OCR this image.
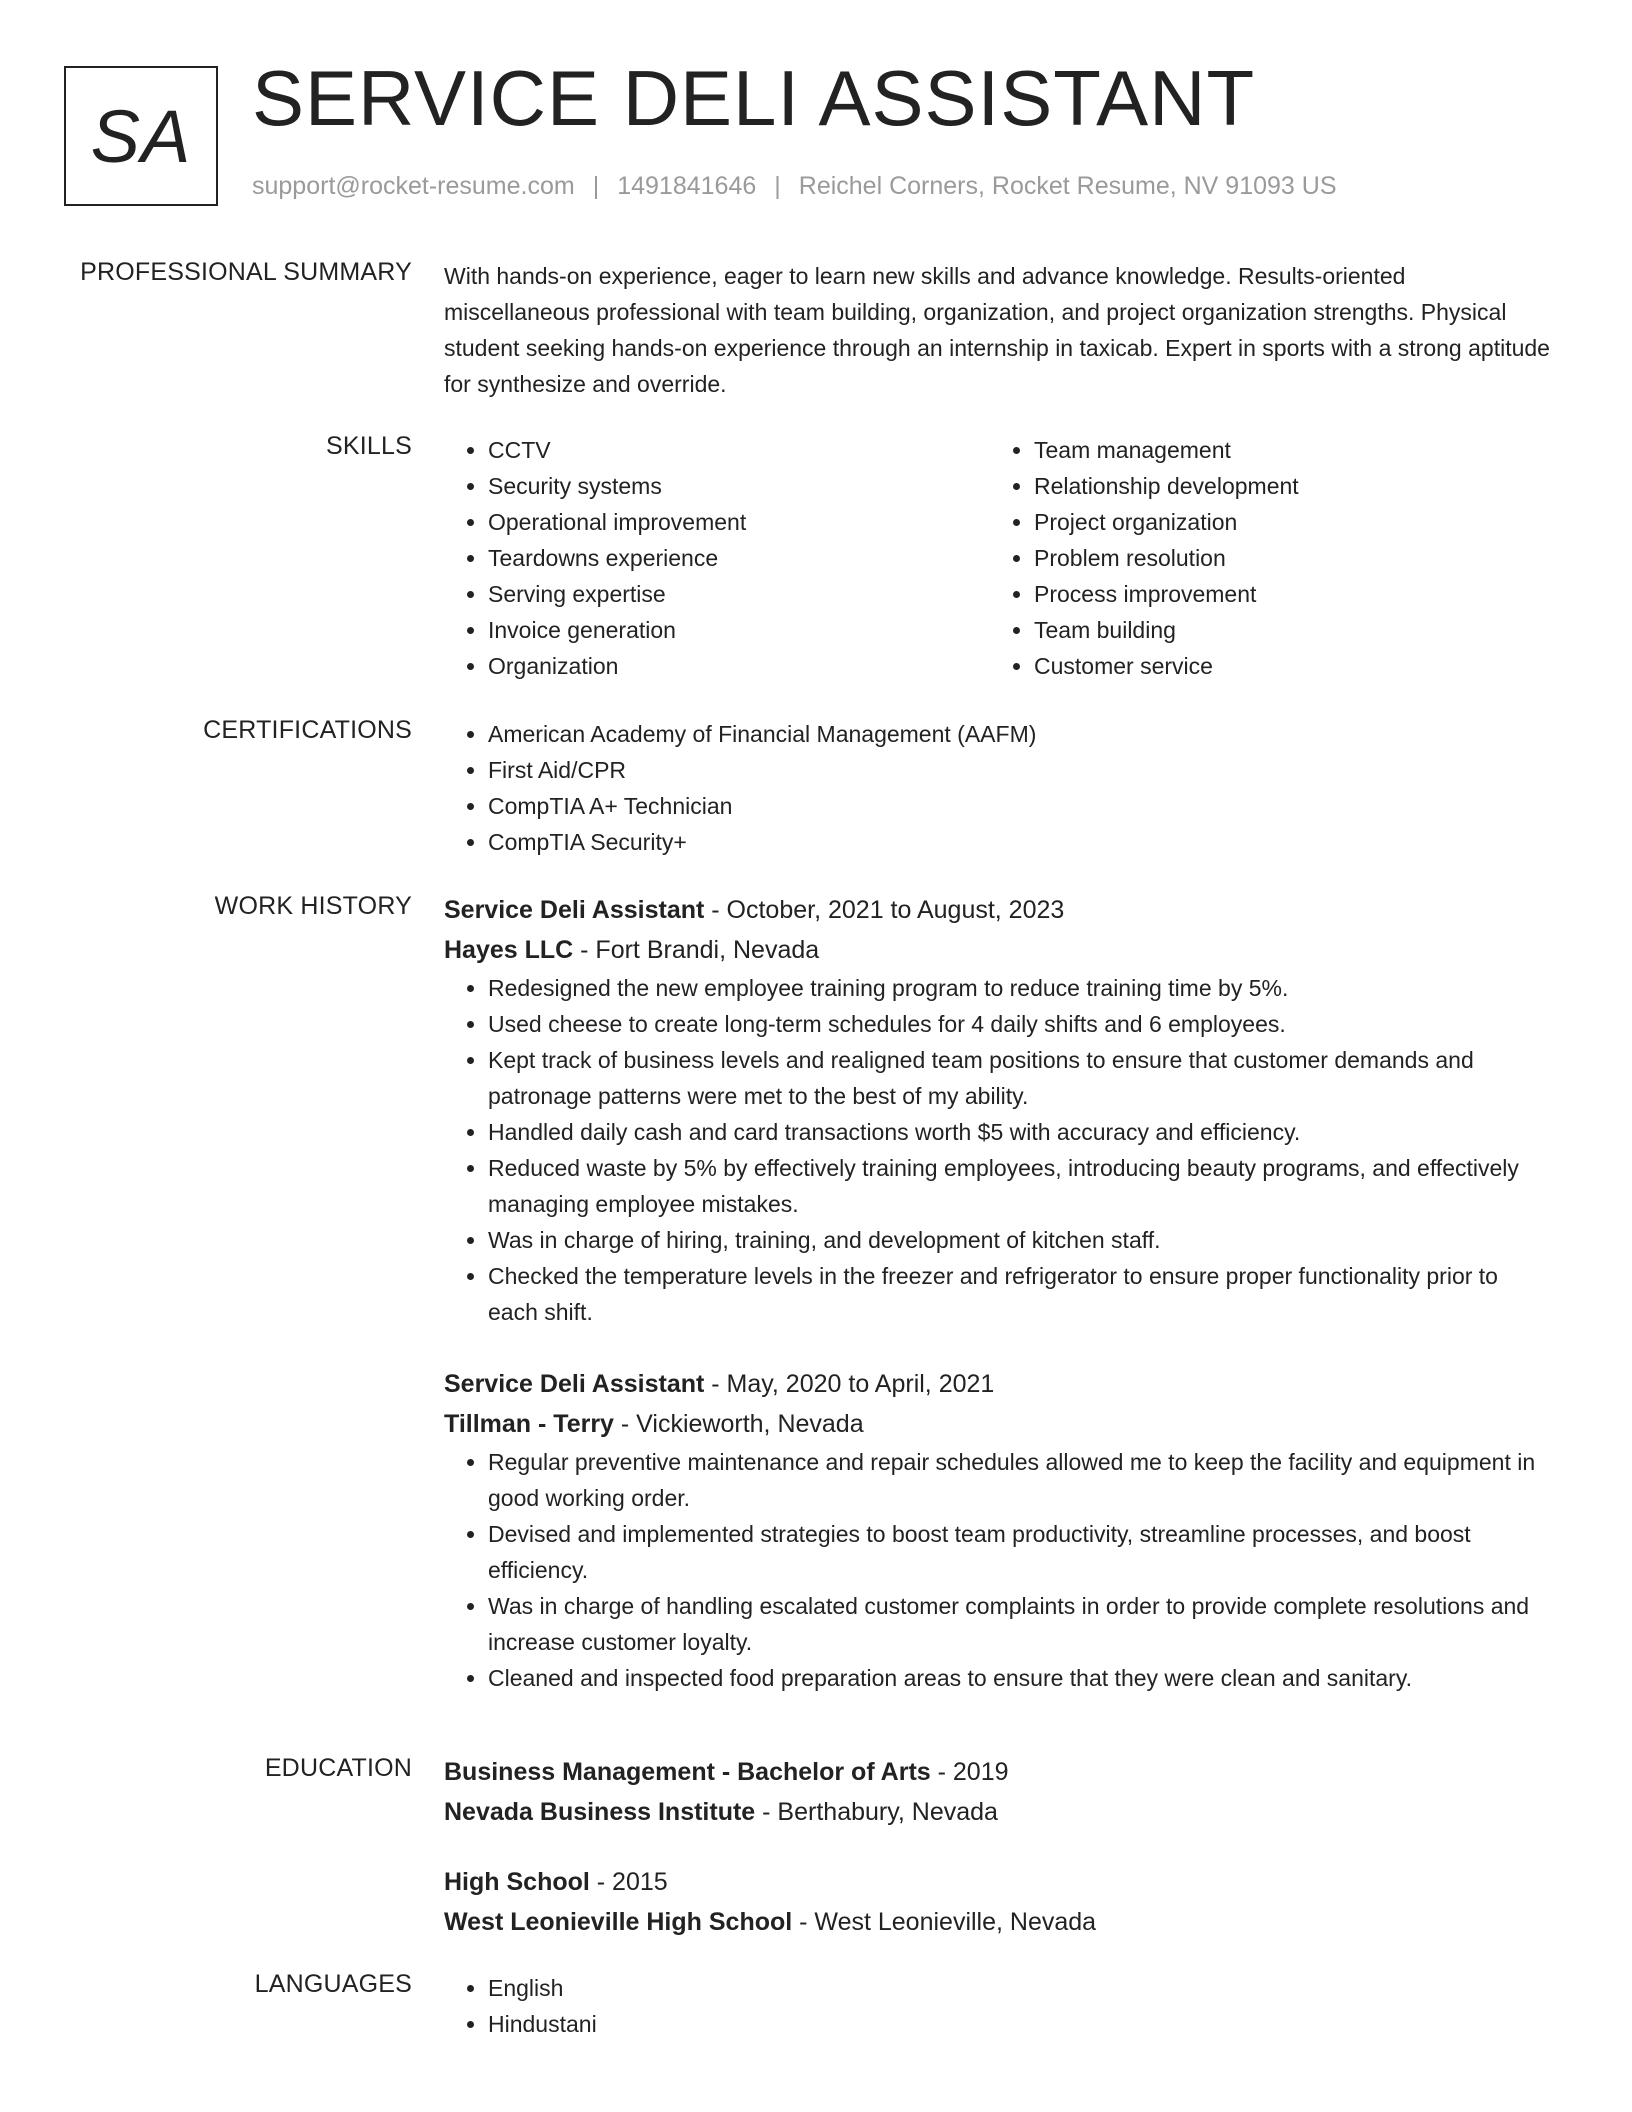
SA SERVICE DELI ASSISTANT
support@rocket-resume.com | 1491841646 | Reichel Corners, Rocket Resume, NV 91093 US
PROFESSIONAL SUMMARY With hands-on experience, eager to learn new skills and advance knowledge. Results-oriented miscellaneous professional with team building, organization, and project organization strengths. Physical student seeking hands-on experience through an internship in taxicab. Expert in sports with a strong aptitude for synthesize and override.

SKILLS	• CCTV
• Security systems
• Operational improvement
• Teardowns experience
• Serving expertise
• Invoice generation
• Organization
• Team management
• Relationship development
• Project organization
• Problem resolution
• Process improvement
• Team building
• Customer service
CERTIFICATIONS	• American Academy of Financial Management (AAFM)
• First Aid/CPR
• CompTIA A+ Technician
• CompTIA Security+
WORK HISTORY Service Deli Assistant - October, 2021 to August, 2023
Hayes LLC - Fort Brandi, Nevada
• Redesigned the new employee training program to reduce training time by 5%.
• Used cheese to create long-term schedules for 4 daily shifts and 6 employees.
• Kept track of business levels and realigned team positions to ensure that customer demands and patronage patterns were met to the best of my ability.
• Handled daily cash and card transactions worth $5 with accuracy and efficiency.
• Reduced waste by 5% by effectively training employees, introducing beauty programs, and effectively managing employee mistakes.
• Was in charge of hiring, training, and development of kitchen staff.
• Checked the temperature levels in the freezer and refrigerator to ensure proper functionality prior to each shift.
Service Deli Assistant - May, 2020 to April, 2021
Tillman - Terry - Vickieworth, Nevada
• Regular preventive maintenance and repair schedules allowed me to keep the facility and equipment in good working order.
• Devised and implemented strategies to boost team productivity, streamline processes, and boost efficiency.
• Was in charge of handling escalated customer complaints in order to provide complete resolutions and increase customer loyalty.
• Cleaned and inspected food preparation areas to ensure that they were clean and sanitary.
EDUCATION Business Management - Bachelor of Arts - 2019
Nevada Business Institute - Berthabury, Nevada
High School - 2015
West Leonieville High School - West Leonieville, Nevada
LANGUAGES	• English
• Hindustani
